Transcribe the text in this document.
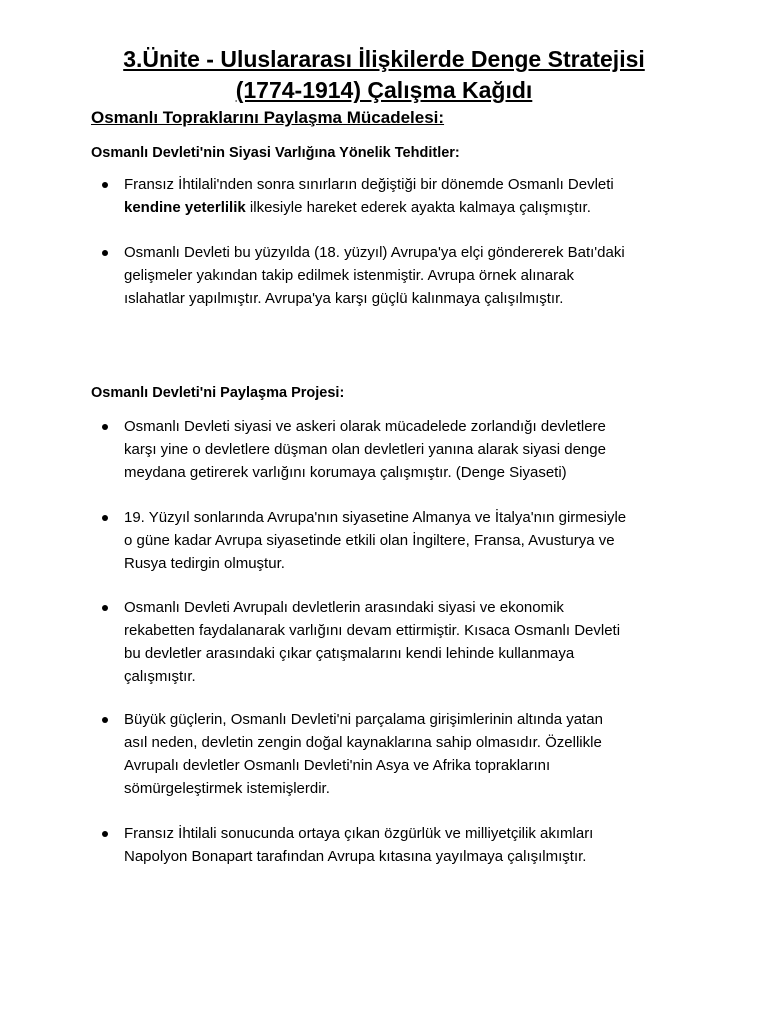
3.Ünite - Uluslararası İlişkilerde Denge Stratejisi
(1774-1914) Çalışma Kağıdı
Osmanlı Topraklarını Paylaşma Mücadelesi:
Osmanlı Devleti'nin Siyasi Varlığına Yönelik Tehditler:

Fransız İhtilali'nden sonra sınırların değiştiği bir dönemde Osmanlı Devleti
kendine yeterlilik ilkesiyle hareket ederek ayakta kalmaya çalışmıştır.

Osmanlı Devleti bu yüzyılda (18. yüzyıl) Avrupa'ya elçi göndererek Batı'daki
gelişmeler yakından takip edilmek istenmiştir. Avrupa örnek alınarak
ıslahatlar yapılmıştır. Avrupa'ya karşı güçlü kalınmaya çalışılmıştır.

Osmanlı Devleti'ni Paylaşma Projesi:

Osmanlı Devleti siyasi ve askeri olarak mücadelede zorlandığı devletlere
karşı yine o devletlere düşman olan devletleri yanına alarak siyasi denge
meydana getirerek varlığını korumaya çalışmıştır. (Denge Siyaseti)

19. Yüzyıl sonlarında Avrupa'nın siyasetine Almanya ve İtalya'nın girmesiyle
o güne kadar Avrupa siyasetinde etkili olan İngiltere, Fransa, Avusturya ve
Rusya tedirgin olmuştur.

Osmanlı Devleti Avrupalı devletlerin arasındaki siyasi ve ekonomik
rekabetten faydalanarak varlığını devam ettirmiştir. Kısaca Osmanlı Devleti
bu devletler arasındaki çıkar çatışmalarını kendi lehinde kullanmaya
çalışmıştır.

Büyük güçlerin, Osmanlı Devleti'ni parçalama girişimlerinin altında yatan
asıl neden, devletin zengin doğal kaynaklarına sahip olmasıdır. Özellikle
Avrupalı devletler Osmanlı Devleti'nin Asya ve Afrika topraklarını
sömürgeleştirmek istemişlerdir.

Fransız İhtilali sonucunda ortaya çıkan özgürlük ve milliyetçilik akımları
Napolyon Bonapart tarafından Avrupa kıtasına yayılmaya çalışılmıştır.
